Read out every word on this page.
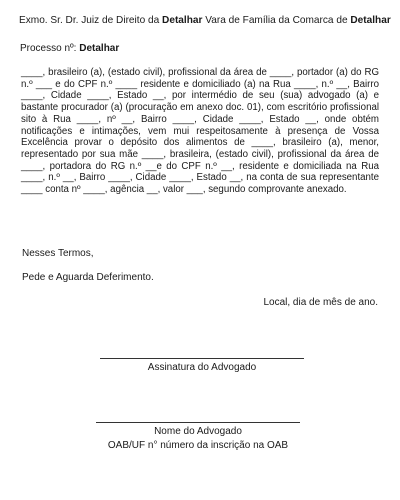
Exmo. Sr. Dr. Juiz de Direito da Detalhar Vara de Família da Comarca de Detalhar
Processo nº: Detalhar
____, brasileiro (a), (estado civil), profissional da área de ____, portador (a) do RG n.º ___ e do CPF n.º ____ residente e domiciliado (a) na Rua ____, n.º __, Bairro ____, Cidade ____, Estado __, por intermédio de seu (sua) advogado (a) e bastante procurador (a) (procuração em anexo doc. 01), com escritório profissional sito à Rua ____, nº __, Bairro ____, Cidade ____, Estado __, onde obtém notificações e intimações, vem mui respeitosamente à presença de Vossa Excelência provar o depósito dos alimentos de ____, brasileiro (a), menor, representado por sua mãe ____, brasileira, (estado civil), profissional da área de ____, portadora do RG n.º __e do CPF n.º __, residente e domiciliada na Rua ____, n.º __, Bairro ____, Cidade ____, Estado __, na conta de sua representante ____ conta nº ____, agência __, valor ___, segundo comprovante anexado.
Nesses Termos,
Pede e Aguarda Deferimento.
Local, dia de mês de ano.
Assinatura do Advogado
Nome do Advogado
OAB/UF n° número da inscrição na OAB
